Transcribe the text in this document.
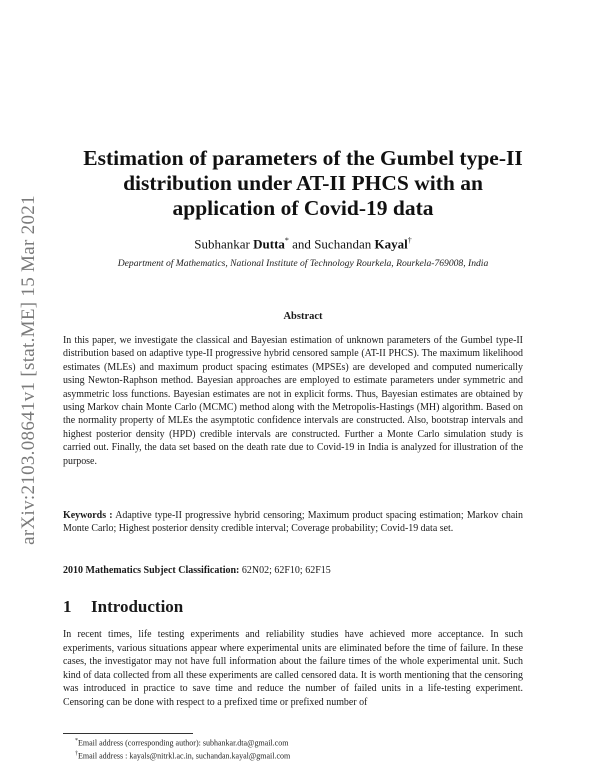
arXiv:2103.08641v1 [stat.ME] 15 Mar 2021
Estimation of parameters of the Gumbel type-II distribution under AT-II PHCS with an application of Covid-19 data
Subhankar Dutta* and Suchandan Kayal†
Department of Mathematics, National Institute of Technology Rourkela, Rourkela-769008, India
Abstract
In this paper, we investigate the classical and Bayesian estimation of unknown parameters of the Gumbel type-II distribution based on adaptive type-II progressive hybrid censored sample (AT-II PHCS). The maximum likelihood estimates (MLEs) and maximum product spacing estimates (MPSEs) are developed and computed numerically using Newton-Raphson method. Bayesian approaches are employed to estimate parameters under symmetric and asymmetric loss functions. Bayesian estimates are not in explicit forms. Thus, Bayesian estimates are obtained by using Markov chain Monte Carlo (MCMC) method along with the Metropolis-Hastings (MH) algorithm. Based on the normality property of MLEs the asymptotic confidence intervals are constructed. Also, bootstrap intervals and highest posterior density (HPD) credible intervals are constructed. Further a Monte Carlo simulation study is carried out. Finally, the data set based on the death rate due to Covid-19 in India is analyzed for illustration of the purpose.
Keywords : Adaptive type-II progressive hybrid censoring; Maximum product spacing estimation; Markov chain Monte Carlo; Highest posterior density credible interval; Coverage probability; Covid-19 data set.
2010 Mathematics Subject Classification: 62N02; 62F10; 62F15
1 Introduction
In recent times, life testing experiments and reliability studies have achieved more acceptance. In such experiments, various situations appear where experimental units are eliminated before the time of failure. In these cases, the investigator may not have full information about the failure times of the whole experimental unit. Such kind of data collected from all these experiments are called censored data. It is worth mentioning that the censoring was introduced in practice to save time and reduce the number of failed units in a life-testing experiment. Censoring can be done with respect to a prefixed time or prefixed number of
*Email address (corresponding author): subhankar.dta@gmail.com
†Email address : kayals@nitrkl.ac.in, suchandan.kayal@gmail.com
